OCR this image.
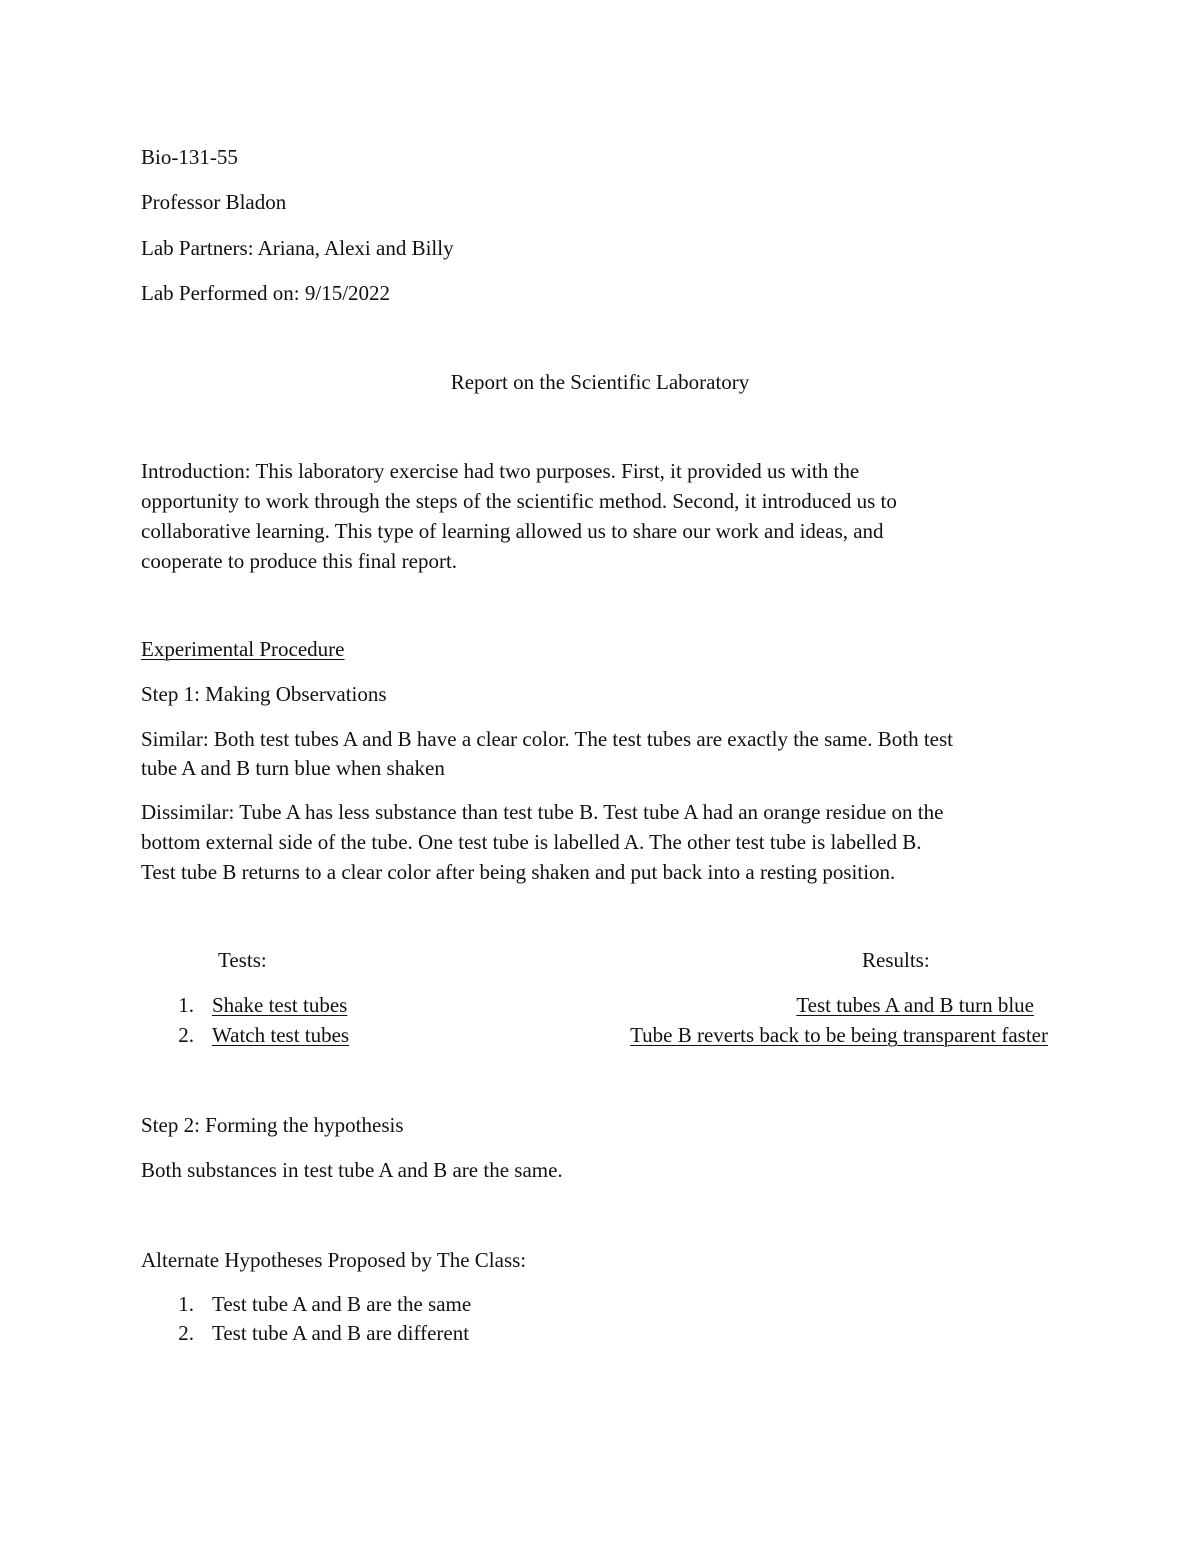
Bio-131-55
Professor Bladon
Lab Partners: Ariana, Alexi and Billy
Lab Performed on: 9/15/2022
Report on the Scientific Laboratory
Introduction: This laboratory exercise had two purposes. First, it provided us with the
opportunity to work through the steps of the scientific method. Second, it introduced us to
collaborative learning. This type of learning allowed us to share our work and ideas, and
cooperate to produce this final report.
Experimental Procedure
Step 1: Making Observations
Similar: Both test tubes A and B have a clear color. The test tubes are exactly the same. Both test
tube A and B turn blue when shaken
Dissimilar: Tube A has less substance than test tube B. Test tube A had an orange residue on the
bottom external side of the tube. One test tube is labelled A. The other test tube is labelled B.
Test tube B returns to a clear color after being shaken and put back into a resting position.
Tests:	Results:
1. Shake test tubes	Test tubes A and B turn blue
2. Watch test tubes	Tube B reverts back to be being transparent faster
Step 2: Forming the hypothesis
Both substances in test tube A and B are the same.
Alternate Hypotheses Proposed by The Class:
1. Test tube A and B are the same
2. Test tube A and B are different
